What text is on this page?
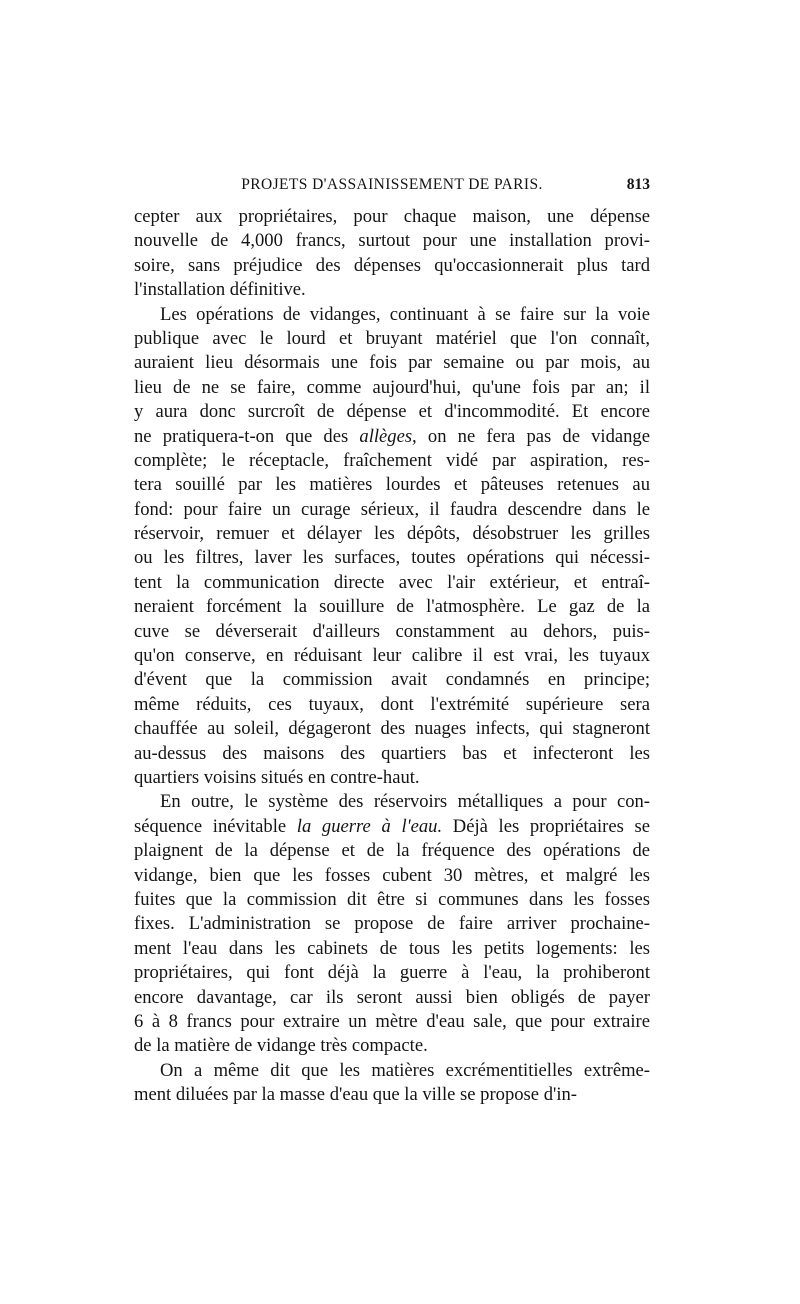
PROJETS D'ASSAINISSEMENT DE PARIS.	813
cepter aux propriétaires, pour chaque maison, une dépense
nouvelle de 4,000 francs, surtout pour une installation provi-
soire, sans préjudice des dépenses qu'occasionnerait plus tard
l'installation définitive.
Les opérations de vidanges, continuant à se faire sur la voie
publique avec le lourd et bruyant matériel que l'on connaît,
auraient lieu désormais une fois par semaine ou par mois, au
lieu de ne se faire, comme aujourd'hui, qu'une fois par an; il
y aura donc surcroît de dépense et d'incommodité. Et encore
ne pratiquera-t-on que des allèges, on ne fera pas de vidange
complète; le réceptacle, fraîchement vidé par aspiration, res-
tera souillé par les matières lourdes et pâteuses retenues au
fond: pour faire un curage sérieux, il faudra descendre dans le
réservoir, remuer et délayer les dépôts, désobstruer les grilles
ou les filtres, laver les surfaces, toutes opérations qui nécessi-
tent la communication directe avec l'air extérieur, et entraî-
neraient forcément la souillure de l'atmosphère. Le gaz de la
cuve se déverserait d'ailleurs constamment au dehors, puis-
qu'on conserve, en réduisant leur calibre il est vrai, les tuyaux
d'évent que la commission avait condamnés en principe;
même réduits, ces tuyaux, dont l'extrémité supérieure sera
chauffée au soleil, dégageront des nuages infects, qui stagneront
au-dessus des maisons des quartiers bas et infecteront les
quartiers voisins situés en contre-haut.
En outre, le système des réservoirs métalliques a pour con-
séquence inévitable la guerre à l'eau. Déjà les propriétaires se
plaignent de la dépense et de la fréquence des opérations de
vidange, bien que les fosses cubent 30 mètres, et malgré les
fuites que la commission dit être si communes dans les fosses
fixes. L'administration se propose de faire arriver prochaine-
ment l'eau dans les cabinets de tous les petits logements: les
propriétaires, qui font déjà la guerre à l'eau, la prohiberont
encore davantage, car ils seront aussi bien obligés de payer
6 à 8 francs pour extraire un mètre d'eau sale, que pour extraire
de la matière de vidange très compacte.
On a même dit que les matières excrémentitielles extrême-
ment diluées par la masse d'eau que la ville se propose d'in-
